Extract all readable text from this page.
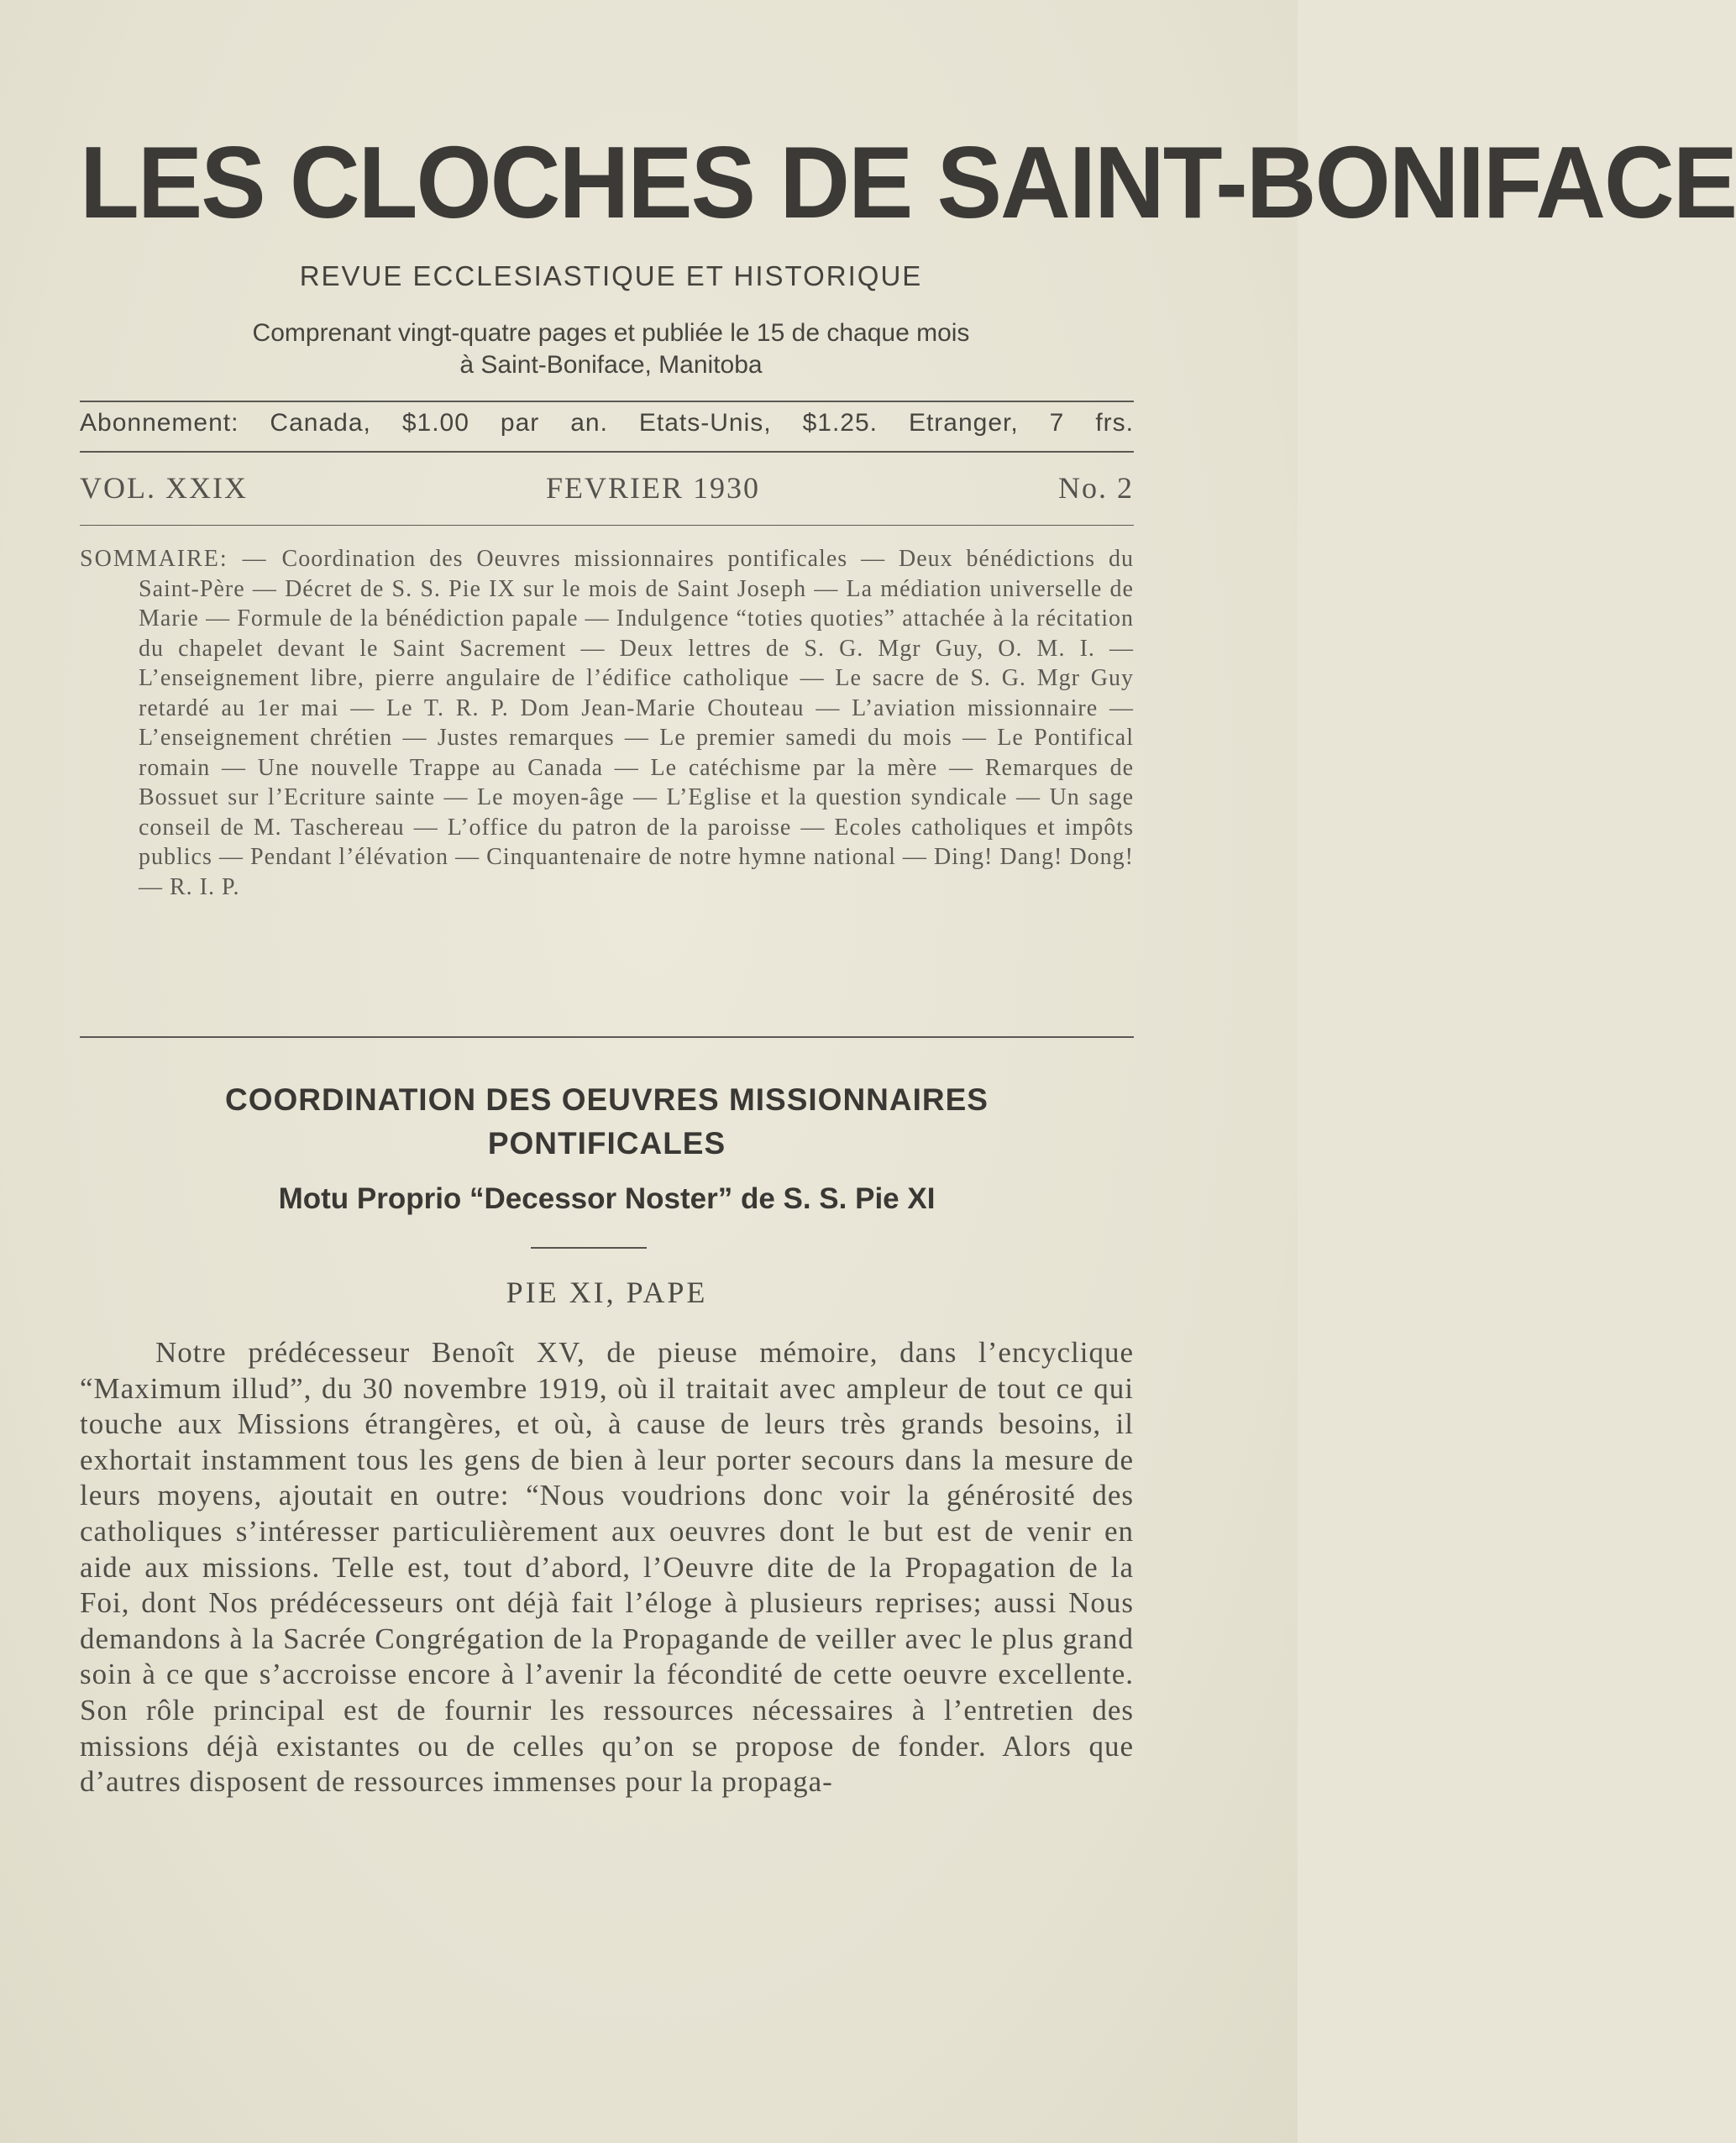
LES CLOCHES DE SAINT-BONIFACE
REVUE ECCLESIASTIQUE ET HISTORIQUE
Comprenant vingt-quatre pages et publiée le 15 de chaque mois
à Saint-Boniface, Manitoba
Abonnement: Canada, $1.00 par an. Etats-Unis, $1.25. Etranger, 7 frs.
VOL. XXIX	FEVRIER 1930	No. 2

SOMMAIRE: — Coordination des Oeuvres missionnaires pontificales — Deux bénédictions du Saint-Père — Décret de S. S. Pie IX sur le mois de Saint Joseph — La médiation universelle de Marie — Formule de la bénédiction papale — Indulgence “toties quoties” attachée à la récitation du chapelet devant le Saint Sacrement — Deux lettres de S. G. Mgr Guy, O. M. I. — L’enseignement libre, pierre angulaire de l’édifice catholique — Le sacre de S. G. Mgr Guy retardé au 1er mai — Le T. R. P. Dom Jean-Marie Chouteau — L’aviation missionnaire — L’enseignement chrétien — Justes remarques — Le premier samedi du mois — Le Pontifical romain — Une nouvelle Trappe au Canada — Le catéchisme par la mère — Remarques de Bossuet sur l’Ecriture sainte — Le moyen-âge — L’Eglise et la question syndicale — Un sage conseil de M. Taschereau — L’office du patron de la paroisse — Ecoles catholiques et impôts publics — Pendant l’élévation — Cinquantenaire de notre hymne national — Ding! Dang! Dong! — R. I. P.

COORDINATION DES OEUVRES MISSIONNAIRES
PONTIFICALES
Motu Proprio “Decessor Noster” de S. S. Pie XI
PIE XI, PAPE

Notre prédécesseur Benoît XV, de pieuse mémoire, dans l’encyclique “Maximum illud”, du 30 novembre 1919, où il traitait avec ampleur de tout ce qui touche aux Missions étrangères, et où, à cause de leurs très grands besoins, il exhortait instamment tous les gens de bien à leur porter secours dans la mesure de leurs moyens, ajoutait en outre: “Nous voudrions donc voir la générosité des catholiques s’intéresser particulièrement aux oeuvres dont le but est de venir en aide aux missions. Telle est, tout d’abord, l’Oeuvre dite de la Propagation de la Foi, dont Nos prédécesseurs ont déjà fait l’éloge à plusieurs reprises; aussi Nous demandons à la Sacrée Congrégation de la Propagande de veiller avec le plus grand soin à ce que s’accroisse encore à l’avenir la fécondité de cette oeuvre excellente. Son rôle principal est de fournir les ressources nécessaires à l’entretien des missions déjà existantes ou de celles qu’on se propose de fonder. Alors que d’autres disposent de ressources immenses pour la propaga-
